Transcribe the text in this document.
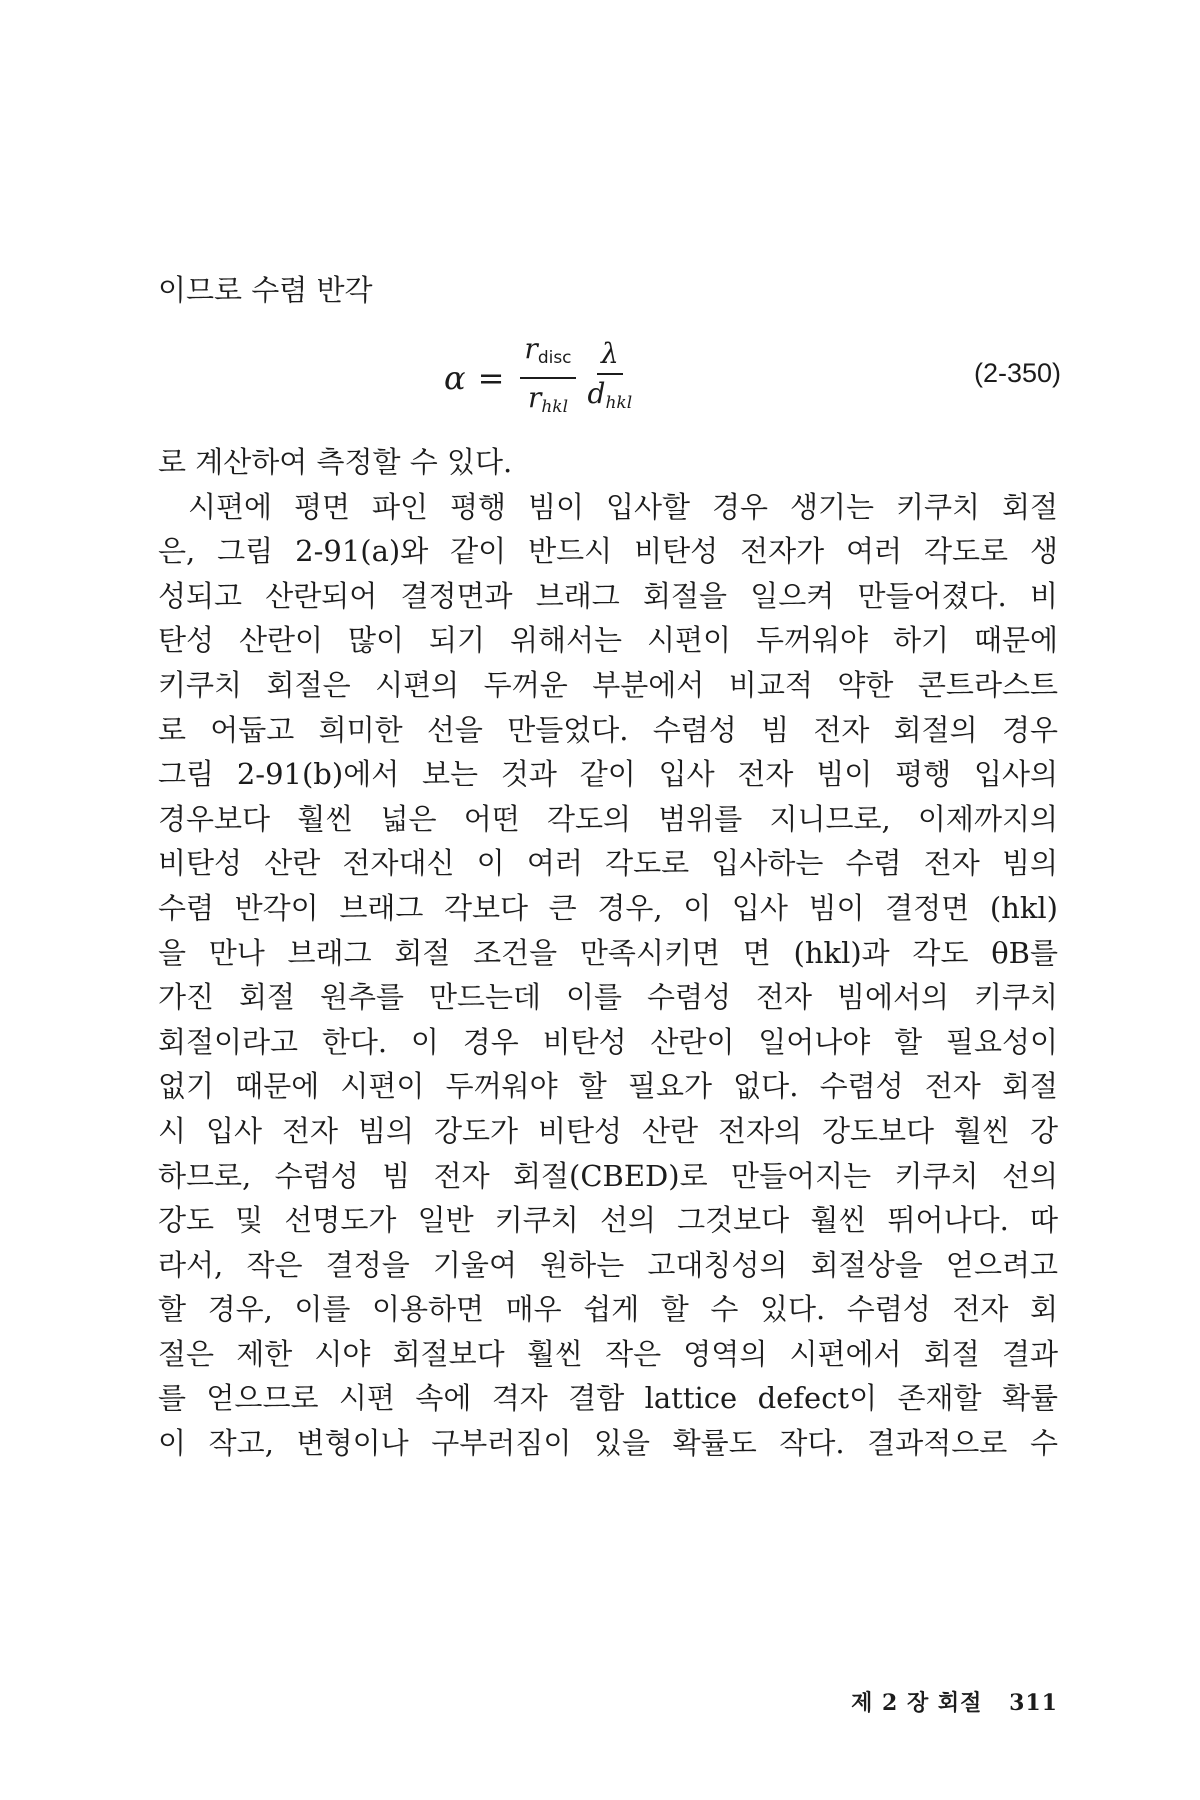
이므로 수렴 반각

$\alpha = \frac{r_{disc}}{r_{hkl}} \frac{\lambda}{d_{hkl}}$	(2-350)
로 계산하여 측정할 수 있다.
시편에 평면 파인 평행 빔이 입사할 경우 생기는 키쿠치 회절
은, 그림 2-91(a)와 같이 반드시 비탄성 전자가 여러 각도로 생
성되고 산란되어 결정면과 브래그 회절을 일으켜 만들어졌다. 비
탄성 산란이 많이 되기 위해서는 시편이 두꺼워야 하기 때문에
키쿠치 회절은 시편의 두꺼운 부분에서 비교적 약한 콘트라스트
로 어둡고 희미한 선을 만들었다. 수렴성 빔 전자 회절의 경우
그림 2-91(b)에서 보는 것과 같이 입사 전자 빔이 평행 입사의
경우보다 훨씬 넓은 어떤 각도의 범위를 지니므로, 이제까지의
비탄성 산란 전자대신 이 여러 각도로 입사하는 수렴 전자 빔의
수렴 반각이 브래그 각보다 큰 경우, 이 입사 빔이 결정면 (hkl)
을 만나 브래그 회절 조건을 만족시키면 면 (hkl)과 각도 θB를
가진 회절 원추를 만드는데 이를 수렴성 전자 빔에서의 키쿠치
회절이라고 한다. 이 경우 비탄성 산란이 일어나야 할 필요성이
없기 때문에 시편이 두꺼워야 할 필요가 없다. 수렴성 전자 회절
시 입사 전자 빔의 강도가 비탄성 산란 전자의 강도보다 훨씬 강
하므로, 수렴성 빔 전자 회절(CBED)로 만들어지는 키쿠치 선의
강도 및 선명도가 일반 키쿠치 선의 그것보다 훨씬 뛰어나다. 따
라서, 작은 결정을 기울여 원하는 고대칭성의 회절상을 얻으려고
할 경우, 이를 이용하면 매우 쉽게 할 수 있다. 수렴성 전자 회
절은 제한 시야 회절보다 훨씬 작은 영역의 시편에서 회절 결과
를 얻으므로 시편 속에 격자 결함 lattice defect이 존재할 확률
이 작고, 변형이나 구부러짐이 있을 확률도 작다. 결과적으로 수
제 2 장 회절 311
